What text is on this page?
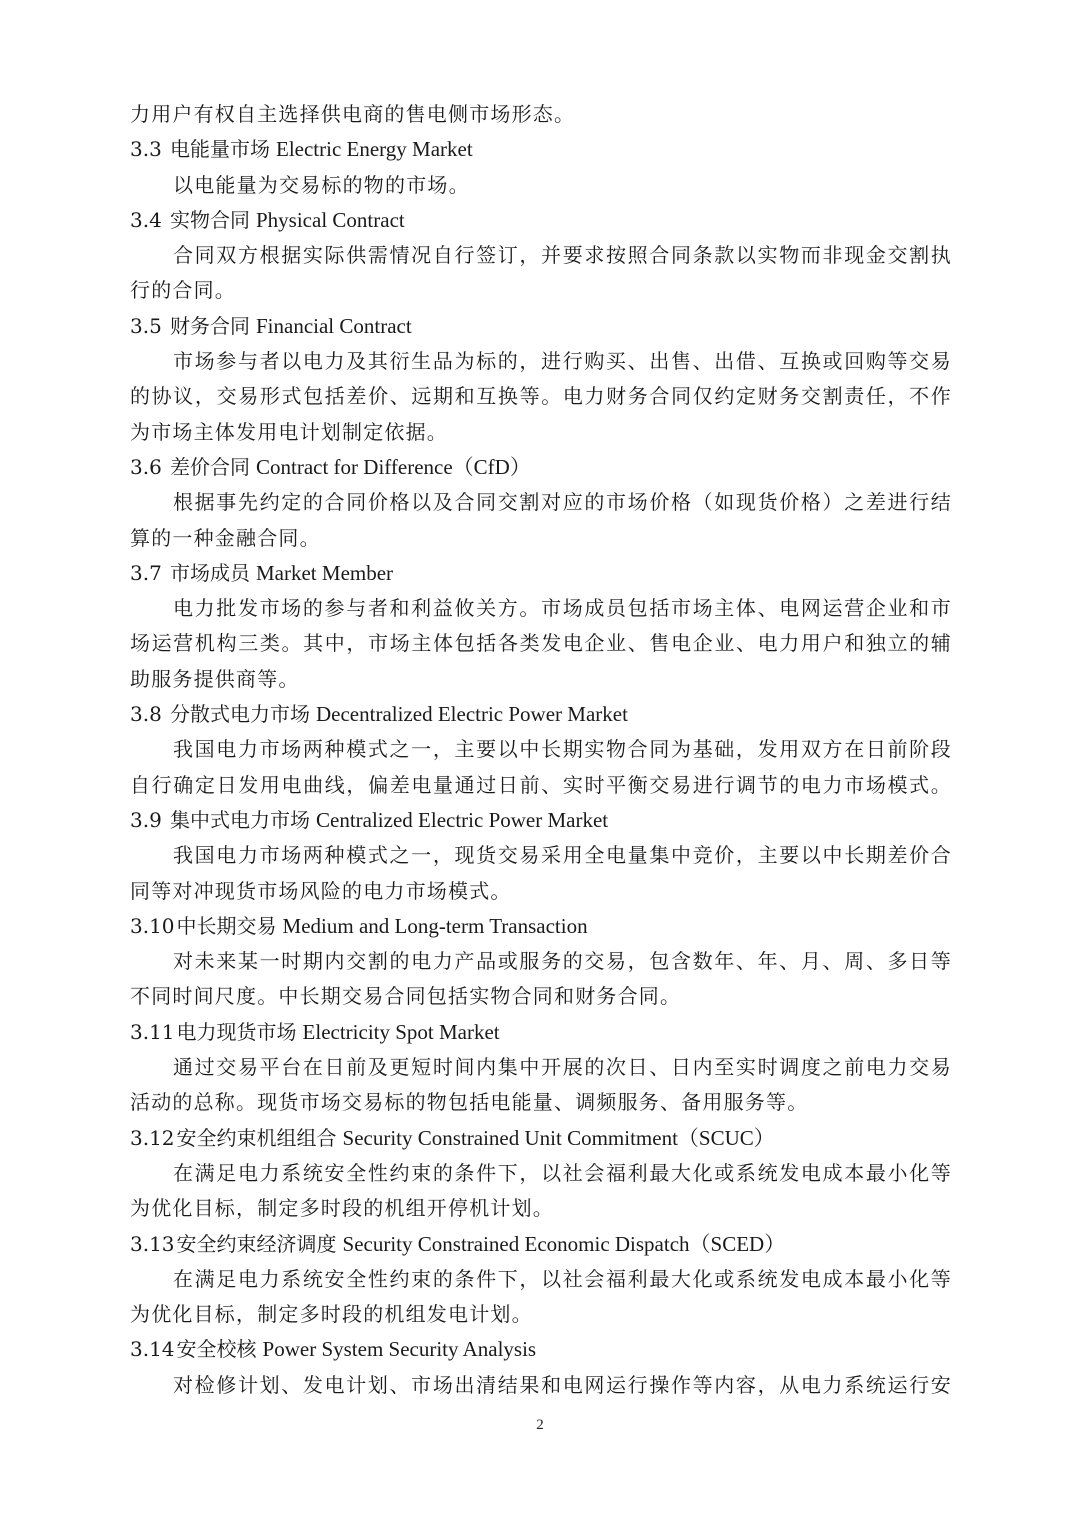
力用户有权自主选择供电商的售电侧市场形态。
3.3 电能量市场 Electric Energy Market
以电能量为交易标的物的市场。
3.4 实物合同 Physical Contract
合同双方根据实际供需情况自行签订，并要求按照合同条款以实物而非现金交割执
行的合同。
3.5 财务合同 Financial Contract
市场参与者以电力及其衍生品为标的，进行购买、出售、出借、互换或回购等交易
的协议，交易形式包括差价、远期和互换等。电力财务合同仅约定财务交割责任，不作
为市场主体发用电计划制定依据。
3.6 差价合同 Contract for Difference（CfD）
根据事先约定的合同价格以及合同交割对应的市场价格（如现货价格）之差进行结
算的一种金融合同。
3.7 市场成员 Market Member
电力批发市场的参与者和利益攸关方。市场成员包括市场主体、电网运营企业和市
场运营机构三类。其中，市场主体包括各类发电企业、售电企业、电力用户和独立的辅
助服务提供商等。
3.8 分散式电力市场 Decentralized Electric Power Market
我国电力市场两种模式之一，主要以中长期实物合同为基础，发用双方在日前阶段
自行确定日发用电曲线，偏差电量通过日前、实时平衡交易进行调节的电力市场模式。
3.9 集中式电力市场 Centralized Electric Power Market
我国电力市场两种模式之一，现货交易采用全电量集中竞价，主要以中长期差价合
同等对冲现货市场风险的电力市场模式。
3.10 中长期交易 Medium and Long-term Transaction
对未来某一时期内交割的电力产品或服务的交易，包含数年、年、月、周、多日等
不同时间尺度。中长期交易合同包括实物合同和财务合同。
3.11 电力现货市场 Electricity Spot Market
通过交易平台在日前及更短时间内集中开展的次日、日内至实时调度之前电力交易
活动的总称。现货市场交易标的物包括电能量、调频服务、备用服务等。
3.12 安全约束机组组合 Security Constrained Unit Commitment（SCUC）
在满足电力系统安全性约束的条件下，以社会福利最大化或系统发电成本最小化等
为优化目标，制定多时段的机组开停机计划。
3.13 安全约束经济调度 Security Constrained Economic Dispatch（SCED）
在满足电力系统安全性约束的条件下，以社会福利最大化或系统发电成本最小化等
为优化目标，制定多时段的机组发电计划。
3.14 安全校核 Power System Security Analysis
对检修计划、发电计划、市场出清结果和电网运行操作等内容，从电力系统运行安
2
